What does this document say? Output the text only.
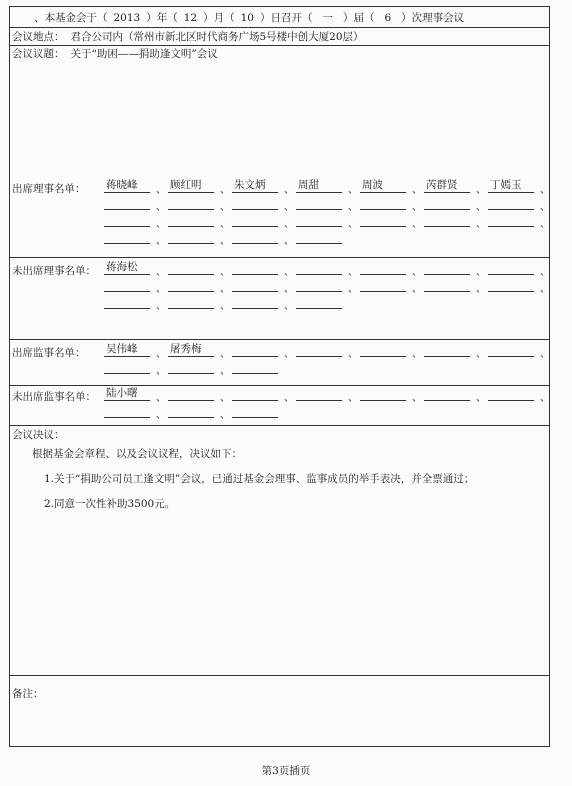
、本基金会于（ 2013 ）年（ 12 ）月（ 10 ）日召开（ 一 ）届（ 6 ）次理事会议
会议地点： 君合公司内（常州市新北区时代商务广场5号楼中创大厦20层）
会议议题： 关于“助困——捐助逢文明”会议
出席理事名单： 蒋晓峰	、 顾红明	、 朱文炳	、 周甜	、 周波	、 芮群贤	、 丁嫣玉	、
、	、	、	、	、	、	、
、	、	、	、	、	、	、
、	、	、
未出席理事名单： 蒋海松	、	、	、	、	、	、	、
、	、	、	、	、	、	、
、	、	、
出席监事名单： 吴伟峰	、 屠秀梅	、	、	、	、	、	、
、	、
未出席监事名单： 陆小曙	、	、	、	、	、	、	、
、	、
会议决议：
根据基金会章程、以及会议议程，决议如下：
1.关于“捐助公司员工逢文明”会议，已通过基金会理事、监事成员的举手表决，并全票通过；
2.同意一次性补助3500元。
备注：
第3页插页
